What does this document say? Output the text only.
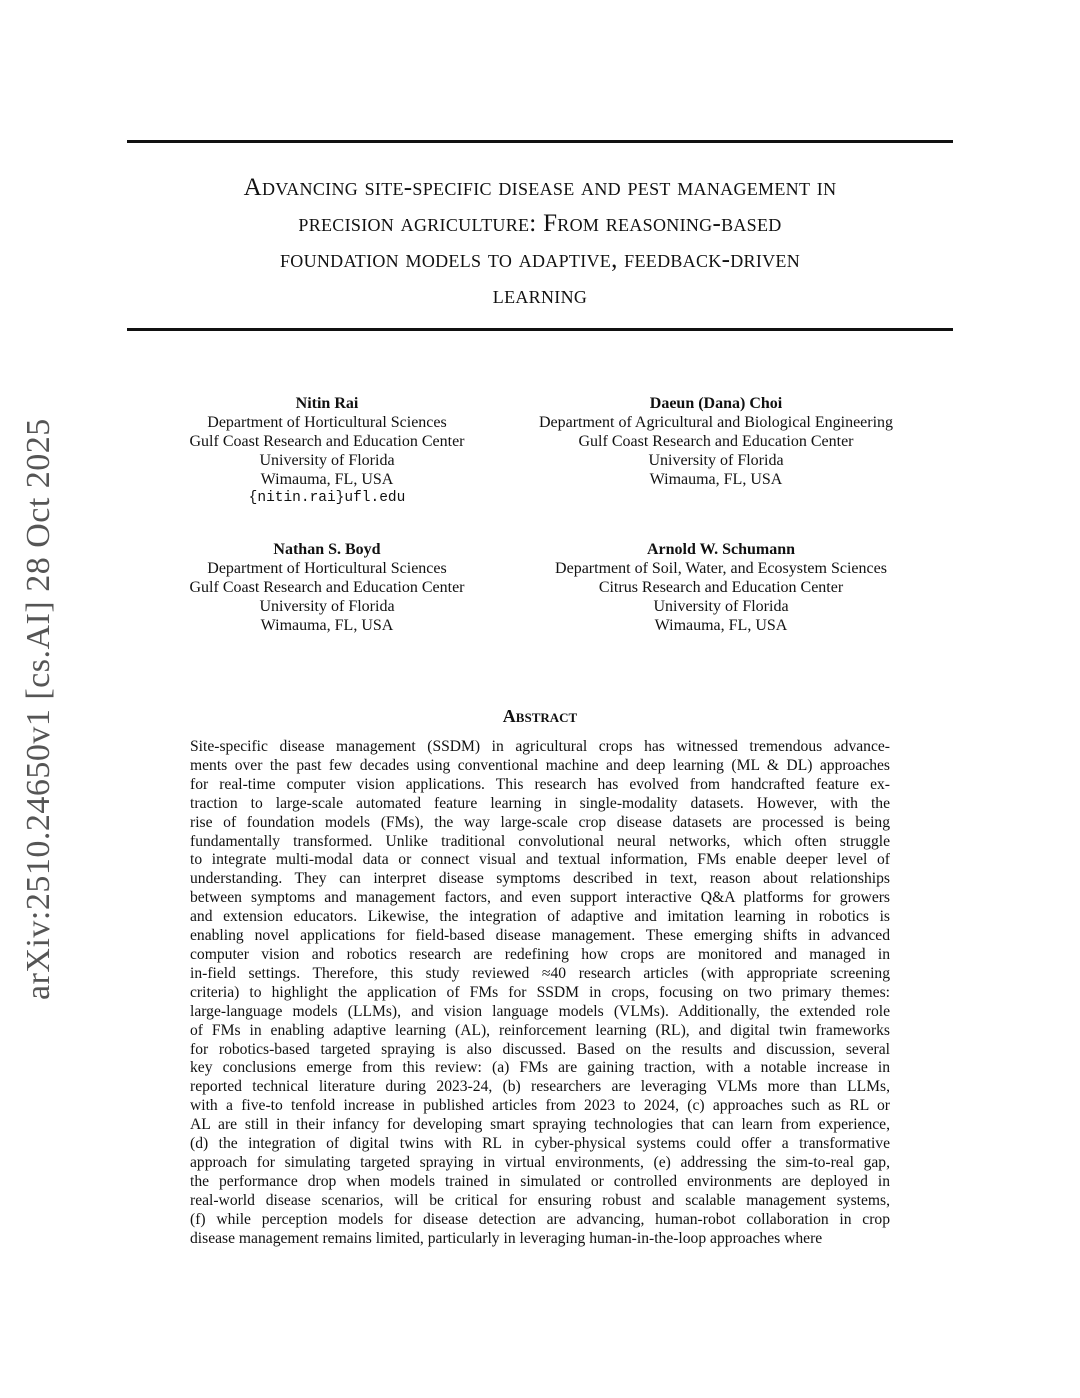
Advancing site-specific disease and pest management in
precision agriculture: From reasoning-based
foundation models to adaptive, feedback-driven
learning
arXiv:2510.24650v1 [cs.AI] 28 Oct 2025
Nitin Rai
Department of Horticultural Sciences
Gulf Coast Research and Education Center
University of Florida
Wimauma, FL, USA
{nitin.rai}ufl.edu
Daeun (Dana) Choi
Department of Agricultural and Biological Engineering
Gulf Coast Research and Education Center
University of Florida
Wimauma, FL, USA
Nathan S. Boyd
Department of Horticultural Sciences
Gulf Coast Research and Education Center
University of Florida
Wimauma, FL, USA
Arnold W. Schumann
Department of Soil, Water, and Ecosystem Sciences
Citrus Research and Education Center
University of Florida
Wimauma, FL, USA
Abstract
Site-specific disease management (SSDM) in agricultural crops has witnessed tremendous advance-
ments over the past few decades using conventional machine and deep learning (ML & DL) approaches
for real-time computer vision applications. This research has evolved from handcrafted feature ex-
traction to large-scale automated feature learning in single-modality datasets. However, with the
rise of foundation models (FMs), the way large-scale crop disease datasets are processed is being
fundamentally transformed. Unlike traditional convolutional neural networks, which often struggle
to integrate multi-modal data or connect visual and textual information, FMs enable deeper level of
understanding. They can interpret disease symptoms described in text, reason about relationships
between symptoms and management factors, and even support interactive Q&A platforms for growers
and extension educators. Likewise, the integration of adaptive and imitation learning in robotics is
enabling novel applications for field-based disease management. These emerging shifts in advanced
computer vision and robotics research are redefining how crops are monitored and managed in
in-field settings. Therefore, this study reviewed ≈40 research articles (with appropriate screening
criteria) to highlight the application of FMs for SSDM in crops, focusing on two primary themes:
large-language models (LLMs), and vision language models (VLMs). Additionally, the extended role
of FMs in enabling adaptive learning (AL), reinforcement learning (RL), and digital twin frameworks
for robotics-based targeted spraying is also discussed. Based on the results and discussion, several
key conclusions emerge from this review: (a) FMs are gaining traction, with a notable increase in
reported technical literature during 2023-24, (b) researchers are leveraging VLMs more than LLMs,
with a five-to tenfold increase in published articles from 2023 to 2024, (c) approaches such as RL or
AL are still in their infancy for developing smart spraying technologies that can learn from experience,
(d) the integration of digital twins with RL in cyber-physical systems could offer a transformative
approach for simulating targeted spraying in virtual environments, (e) addressing the sim-to-real gap,
the performance drop when models trained in simulated or controlled environments are deployed in
real-world disease scenarios, will be critical for ensuring robust and scalable management systems,
(f) while perception models for disease detection are advancing, human-robot collaboration in crop
disease management remains limited, particularly in leveraging human-in-the-loop approaches where
